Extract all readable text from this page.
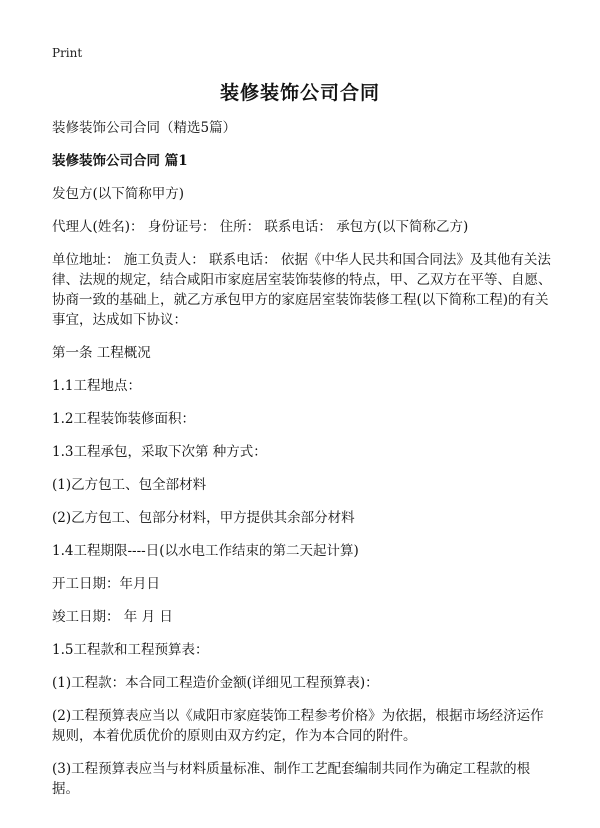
Print
装修装饰公司合同

装修装饰公司合同（精选5篇）

装修装饰公司合同 篇1

发包方(以下简称甲方)

代理人(姓名)： 身份证号： 住所： 联系电话： 承包方(以下简称乙方)

单位地址： 施工负责人： 联系电话： 依据《中华人民共和国合同法》及其他有关法律、法规的规定，结合咸阳市家庭居室装饰装修的特点，甲、乙双方在平等、自愿、协商一致的基础上，就乙方承包甲方的家庭居室装饰装修工程(以下简称工程)的有关事宜，达成如下协议：

第一条 工程概况

1.1工程地点：

1.2工程装饰装修面积：

1.3工程承包，采取下次第 种方式：

(1)乙方包工、包全部材料

(2)乙方包工、包部分材料，甲方提供其余部分材料

1.4工程期限----日(以水电工作结束的第二天起计算)

开工日期：年月日

竣工日期： 年 月 日

1.5工程款和工程预算表：

(1)工程款：本合同工程造价金额(详细见工程预算表)：

(2)工程预算表应当以《咸阳市家庭装饰工程参考价格》为依据，根据市场经济运作规则，本着优质优价的原则由双方约定，作为本合同的附件。

(3)工程预算表应当与材料质量标准、制作工艺配套编制共同作为确定工程款的根据。
